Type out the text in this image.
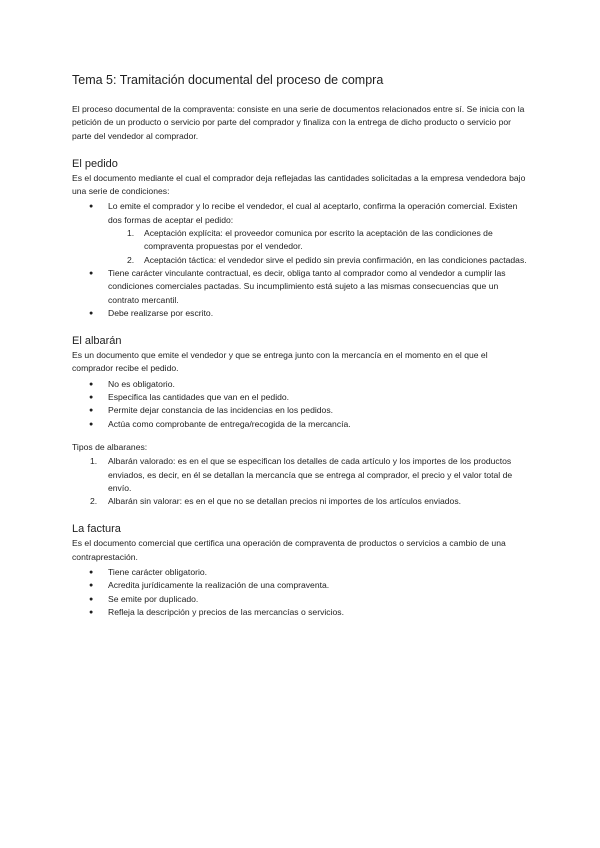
Tema 5: Tramitación documental del proceso de compra

El proceso documental de la compraventa: consiste en una serie de documentos relacionados entre sí. Se inicia con la petición de un producto o servicio por parte del comprador y finaliza con la entrega de dicho producto o servicio por parte del vendedor al comprador.

El pedido

Es el documento mediante el cual el comprador deja reflejadas las cantidades solicitadas a la empresa vendedora bajo una serie de condiciones:

● Lo emite el comprador y lo recibe el vendedor, el cual al aceptarlo, confirma la operación comercial. Existen dos formas de aceptar el pedido:
1. Aceptación explícita: el proveedor comunica por escrito la aceptación de las condiciones de compraventa propuestas por el vendedor.
2. Aceptación táctica: el vendedor sirve el pedido sin previa confirmación, en las condiciones pactadas.
● Tiene carácter vinculante contractual, es decir, obliga tanto al comprador como al vendedor a cumplir las condiciones comerciales pactadas. Su incumplimiento está sujeto a las mismas consecuencias que un contrato mercantil.
● Debe realizarse por escrito.
El albarán

Es un documento que emite el vendedor y que se entrega junto con la mercancía en el momento en el que el comprador recibe el pedido.

● No es obligatorio.
● Especifica las cantidades que van en el pedido.
● Permite dejar constancia de las incidencias en los pedidos.
● Actúa como comprobante de entrega/recogida de la mercancía.

Tipos de albaranes:

1. Albarán valorado: es en el que se especifican los detalles de cada artículo y los importes de los productos enviados, es decir, en él se detallan la mercancía que se entrega al comprador, el precio y el valor total de envío.
2. Albarán sin valorar: es en el que no se detallan precios ni importes de los artículos enviados.
La factura

Es el documento comercial que certifica una operación de compraventa de productos o servicios a cambio de una contraprestación.

● Tiene carácter obligatorio.
● Acredita jurídicamente la realización de una compraventa.
● Se emite por duplicado.
● Refleja la descripción y precios de las mercancías o servicios.
